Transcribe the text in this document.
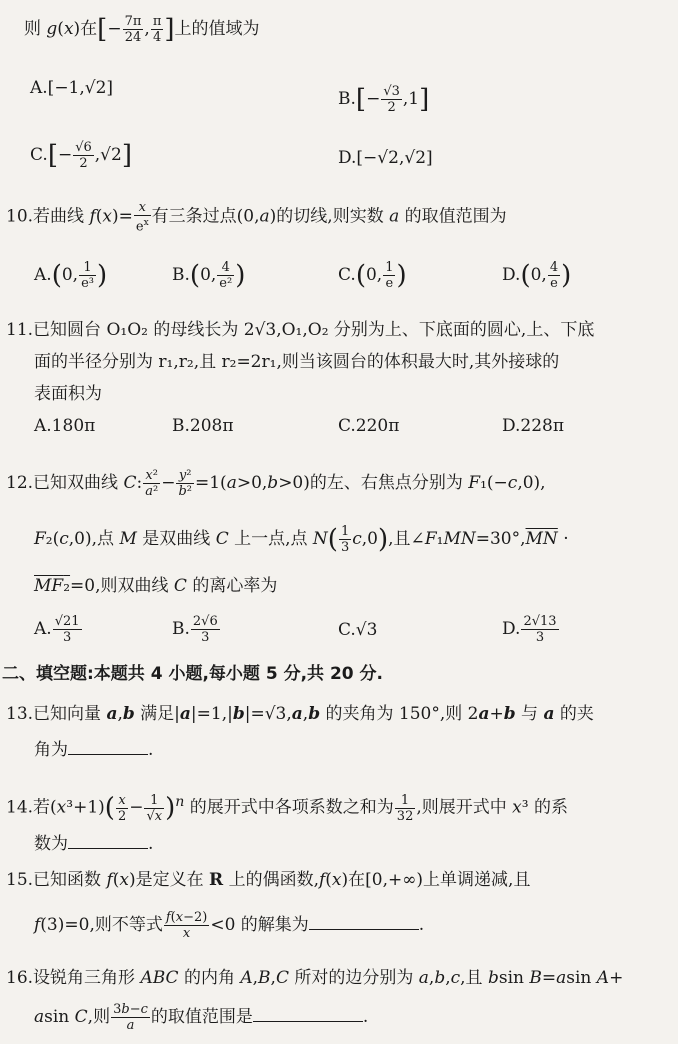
则 g(x)在[− $\frac{7\pi}{24}$ , $\frac{\pi}{4}$ ]上的值域为
A.[−1,√2]
$B.[- \frac{√3}{2} ,1]$
$C.[- \frac{√6}{2} ,√2]$	D.[−√2,√2]
10.若曲线 $f(x)= \frac{x}{e^x}$ 有三条过点(0,a)的切线,则实数 a 的取值范围为
A.(0, $\frac{1}{\text{e³}}$ )	B.(0, $\frac{4}{\text{e²}}$ )	C.(0, $\frac{1}{e}$ )	D.(0, $\frac{4}{e}$ )
11.已知圆台 O₁O₂ 的母线长为 2√3,O₁,O₂ 分别为上、下底面的圆心,上、下底
面的半径分别为 r₁,r₂,且 r₂=2r₁,则当该圆台的体积最大时,其外接球的
表面积为
A.180π	B.208π	C.220π	D.228π
12.已知双曲线 C: $\frac{\text{x²}}{\text{a²}} - \frac{\text{y²}}{\text{b²}} =1(a>0,b>0)$的左、右焦点分别为 F₁(−c,0),
F₂(c,0),点 M 是双曲线 C 上一点,点 $N( \frac{1}{3} c,0)$,且$\angle F_1MN=30^\circ,\overline{MN}$ ·
MF₂=0,则双曲线 C 的离心率为
A. $\frac{√21}{3}$	B. $\frac{2√6}{3}$	C.√3	D. $\frac{2√13}{3}$
二、填空题:本题共 4 小题,每小题 5 分,共 20 分.
13.已知向量 a,b 满足|a|=1,|b|=√3,a,b 的夹角为 150°,则 2a+b 与 a 的夹
角为	.
14.若$(x^3+1)( \frac{x}{2} - \frac{1}{√x} )^n$ 的展开式中各项系数之和为 $\frac{1}{32}$ ,则展开式中 x³ 的系
数为	.
15.已知函数 f(x)是定义在 R 上的偶函数,f(x)在[0,+∞)上单调递减,且
f(3)=0,则不等式 $\frac{f(x-2)}{x} <0$ 的解集为	.
16.设锐角三角形 ABC 的内角 A,B,C 所对的边分别为 a,b,c,且 bsin B=asin A+
asin C,则 $\frac{3b-c}{a}$ 的取值范围是	.
